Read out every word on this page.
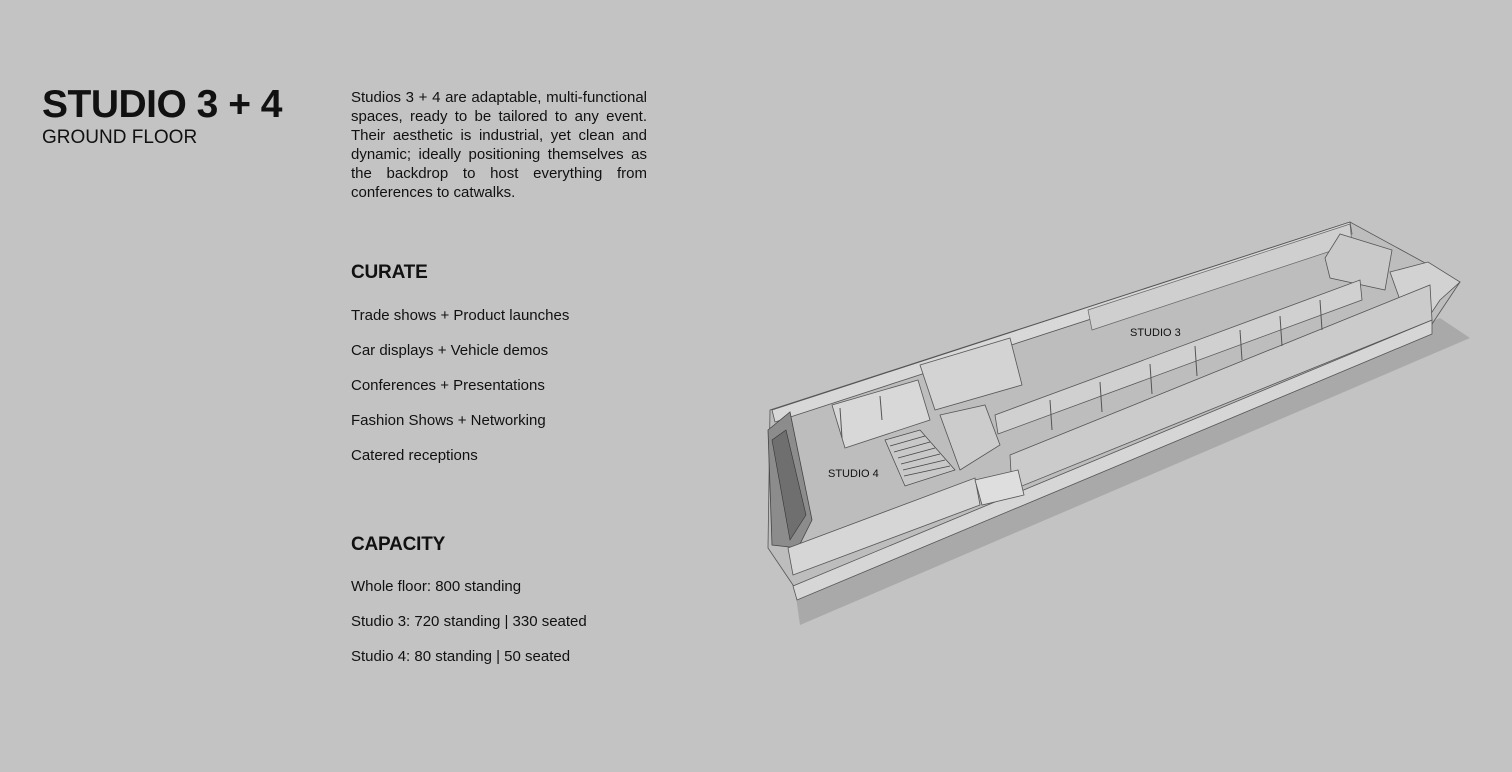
STUDIO 3 + 4
GROUND FLOOR

Studios 3 + 4 are adaptable, multi-functional spaces, ready to be tailored to any event. Their aesthetic is industrial, yet clean and dynamic; ideally positioning themselves as the backdrop to host everything from conferences to catwalks.

CURATE
Trade shows + Product launches
Car displays + Vehicle demos
Conferences + Presentations
Fashion Shows + Networking
Catered receptions
CAPACITY
Whole floor: 800 standing
Studio 3: 720 standing | 330 seated
Studio 4: 80 standing | 50 seated
STUDIO 3
STUDIO 4
